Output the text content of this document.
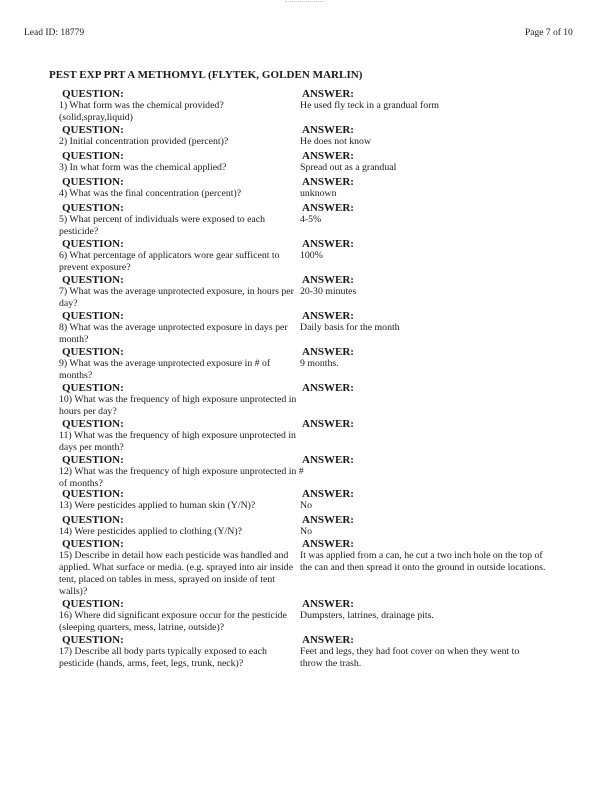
Lead ID: 18779	Page 7 of 10
PEST EXP PRT A METHOMYL (FLYTEK, GOLDEN MARLIN)
QUESTION:	ANSWER:
1) What form was the chemical provided?(solid,spray,liquid)
He used fly teck in a grandual form
QUESTION:	ANSWER:
2) Initial concentration provided (percent)?	He does not know
QUESTION:	ANSWER:
3) In what form was the chemical applied?	Spread out as a grandual
QUESTION:	ANSWER:
4) What was the final concentration (percent)?	unknown
QUESTION:	ANSWER:
5) What percent of individuals were exposed to each pesticide?
4-5%
QUESTION:	ANSWER:
6) What percentage of applicators wore gear sufficent to prevent exposure?
100%
QUESTION:	ANSWER:
7) What was the average unprotected exposure, in hours per day?
20-30 minutes
QUESTION:	ANSWER:
8) What was the average unprotected exposure in days per month?
Daily basis for the month
QUESTION:	ANSWER:
9) What was the average unprotected exposure in # of months?
9 months.
QUESTION:	ANSWER:
10) What was the frequency of high exposure unprotected in hours per day?
QUESTION:	ANSWER:
11) What was the frequency of high exposure unprotected in days per month?
QUESTION:	ANSWER:
12) What was the frequency of high exposure unprotected in # of months?
QUESTION:	ANSWER:
13) Were pesticides applied to human skin (Y/N)?	No
QUESTION:	ANSWER:
14) Were pesticides applied to clothing (Y/N)?	No
QUESTION:	ANSWER:
15) Describe in detail how each pesticide was handled and applied. What surface or media. (e.g. sprayed into air inside tent, placed on tables in mess, sprayed on inside of tent walls)?
It was applied from a can, he cut a two inch hole on the top of the can and then spread it onto the ground in outside locations.
QUESTION:	ANSWER:
16) Where did significant exposure occur for the pesticide (sleeping quarters, mess, latrine, outside)?
Dumpsters, latrines, drainage pits.
QUESTION:	ANSWER:
17) Describe all body parts typically exposed to each pesticide (hands, arms, feet, legs, trunk, neck)?
Feet and legs, they had foot cover on when they went to throw the trash.
